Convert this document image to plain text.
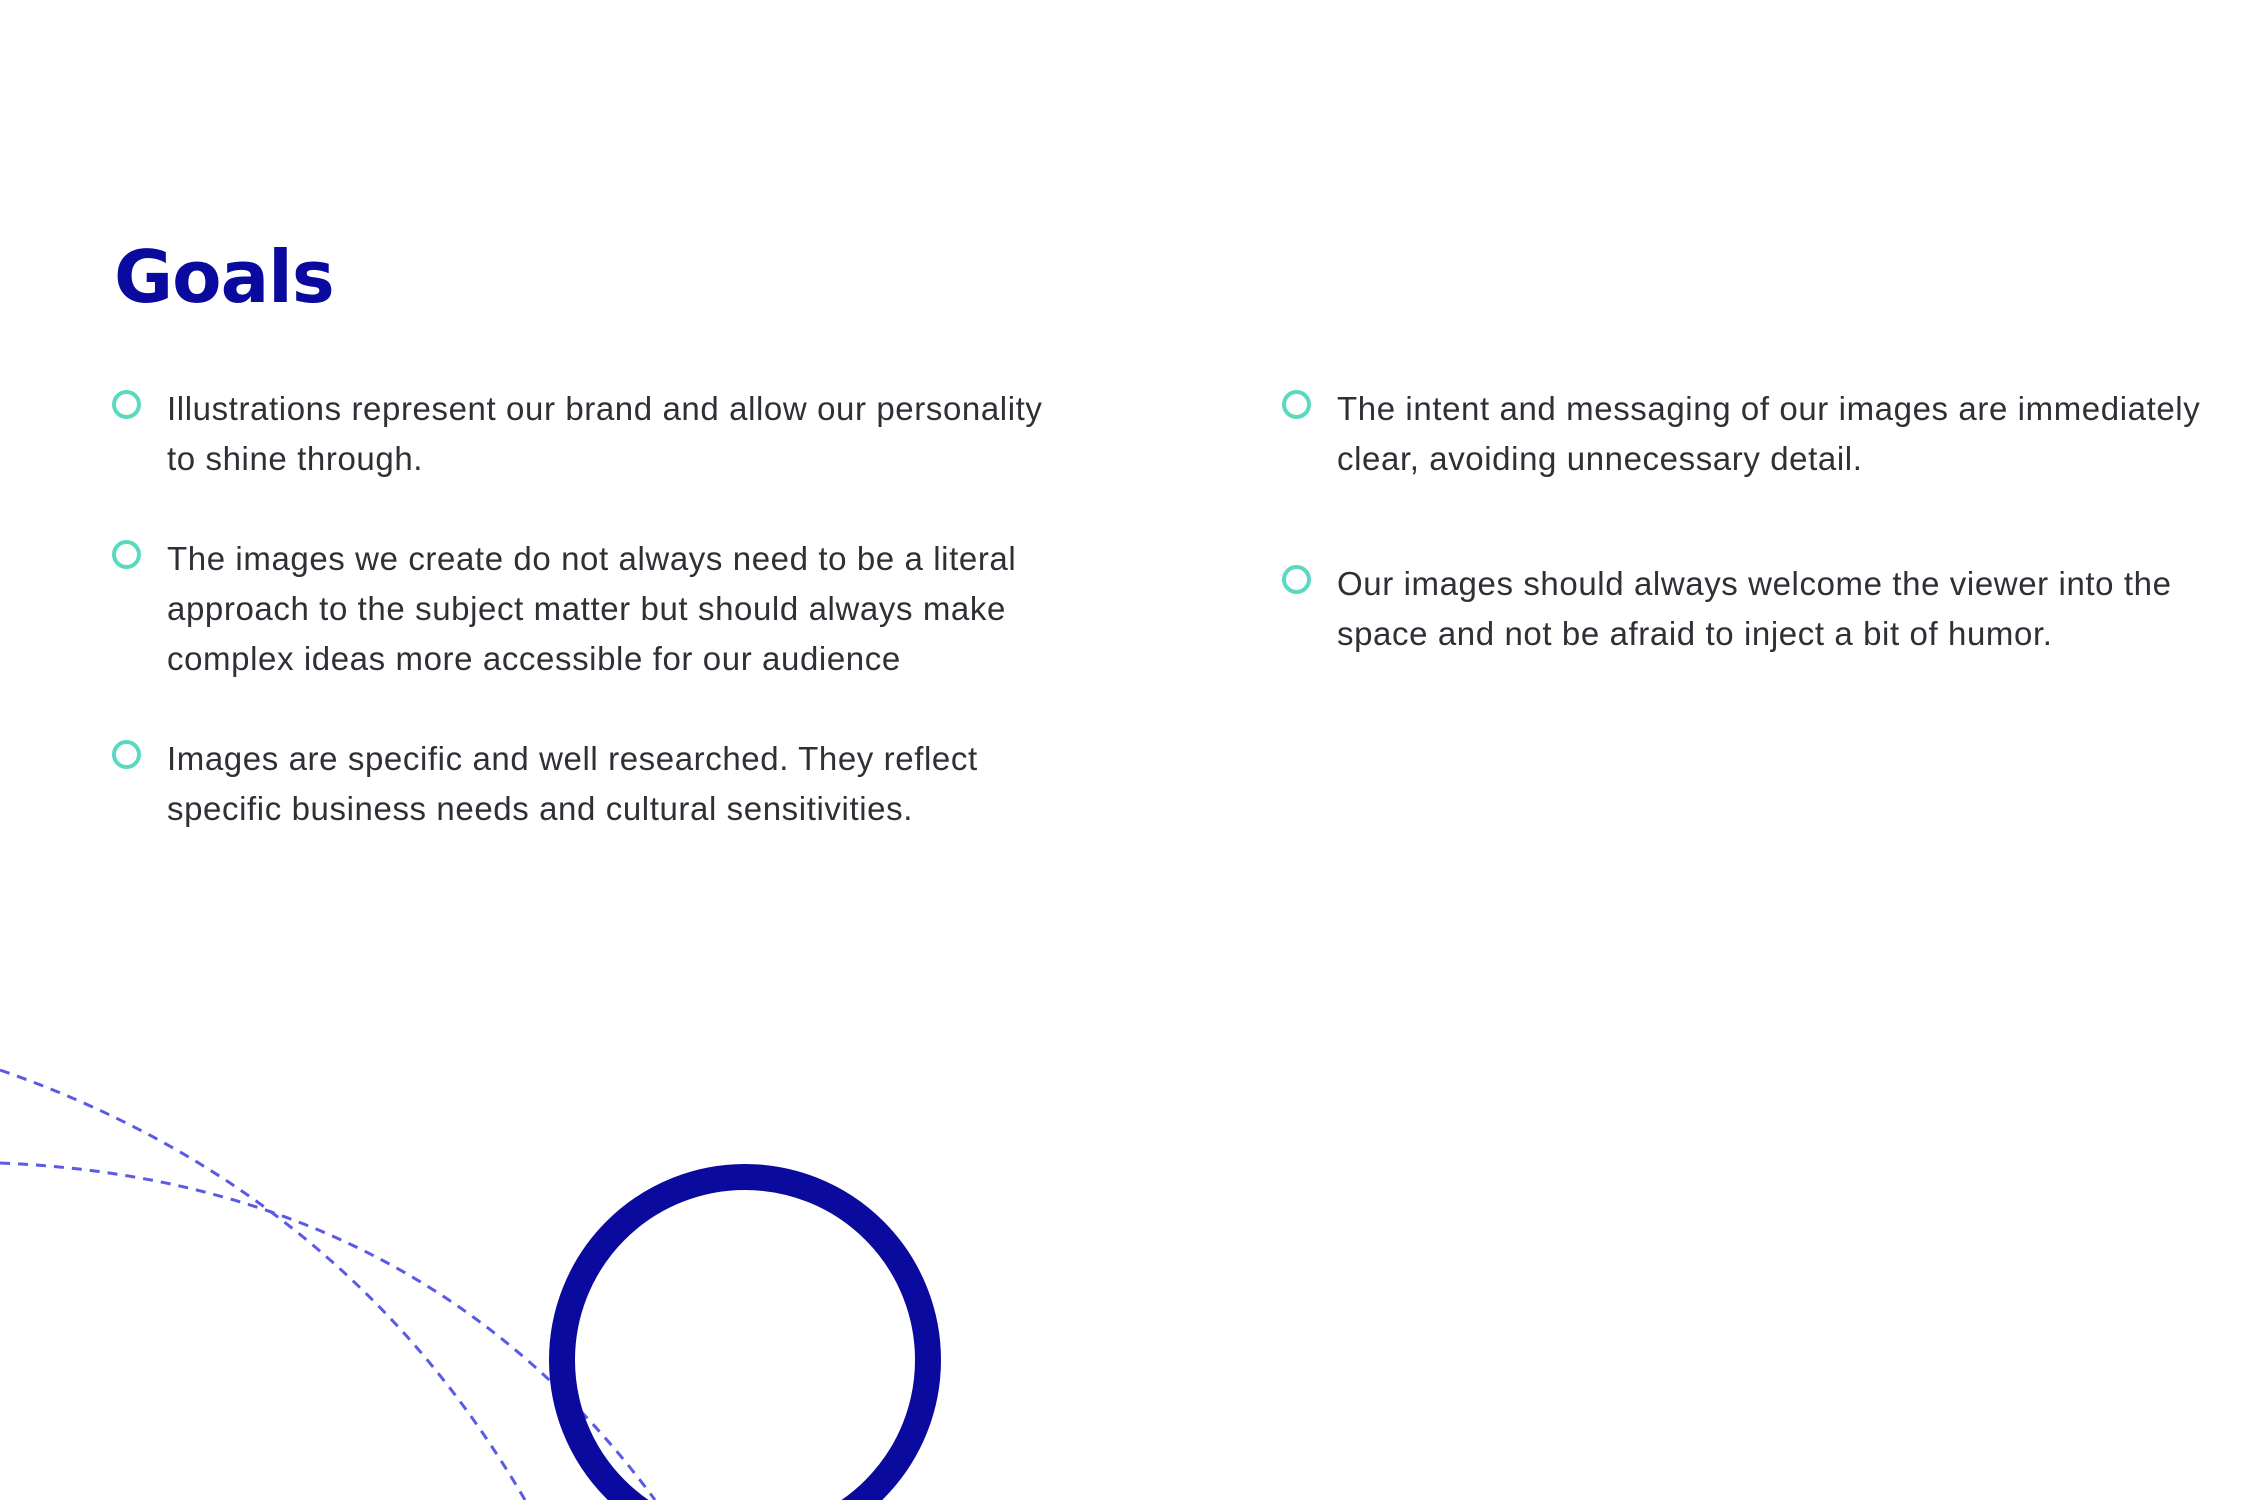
Goals
Illustrations represent our brand and allow our personality to shine through.
The images we create do not always need to be a literal approach to the subject matter but should always make complex ideas more accessible for our audience
Images are specific and well researched. They reflect specific business needs and cultural sensitivities.
The intent and messaging of our images are immediately clear, avoiding unnecessary detail.
Our images should always welcome the viewer into the space and not be afraid to inject a bit of humor.
